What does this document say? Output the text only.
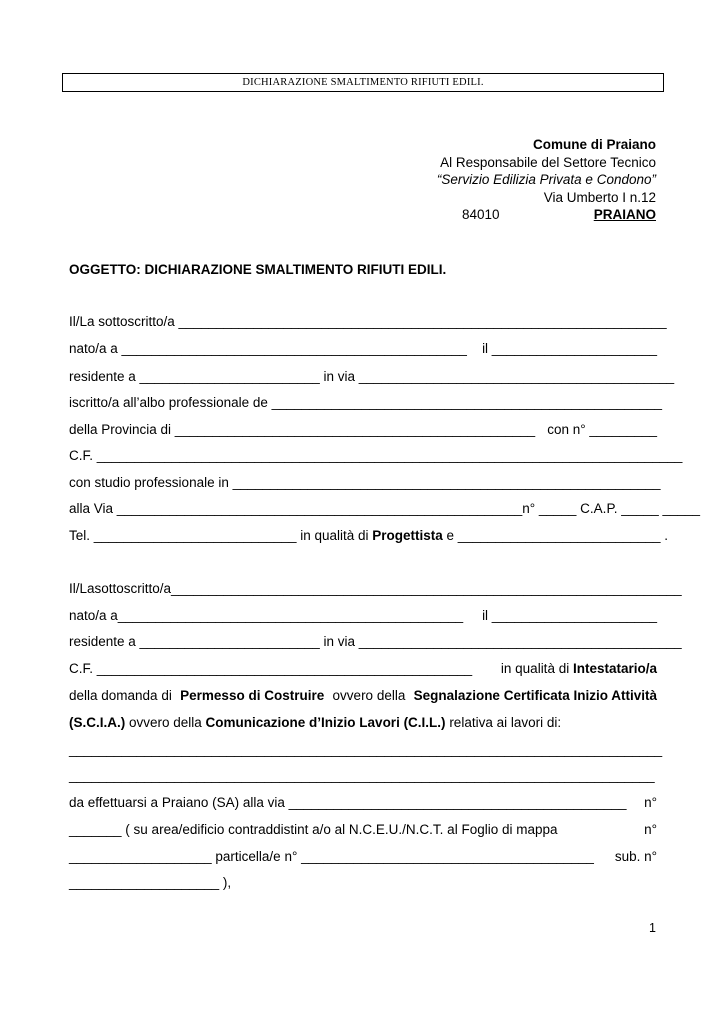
DICHIARAZIONE SMALTIMENTO RIFIUTI EDILI.
Comune di Praiano
Al Responsabile del Settore Tecnico
“Servizio Edilizia Privata e Condono”
Via Umberto I n.12
84010	PRAIANO
OGGETTO: DICHIARAZIONE SMALTIMENTO RIFIUTI EDILI.
Il/La sottoscritto/a _________________________________________________________________
nato/a a ______________________________________________ il ______________________
residente a ________________________ in via __________________________________________
iscritto/a all’albo professionale de ____________________________________________________
della Provincia di ________________________________________________ con n° _________
C.F. ______________________________________________________________________________
con studio professionale in _________________________________________________________
alla Via ______________________________________________________ n° _____ C.A.P. _____ _____
Tel. ___________________________ in qualità di Progettista e ___________________________ .
Il/Lasottoscritto/a____________________________________________________________________
nato/a a______________________________________________ il ______________________
residente a ________________________ in via ___________________________________________
C.F. __________________________________________________ in qualità di Intestatario/a
della domanda di Permesso di Costruire ovvero della Segnalazione Certificata Inizio Attività
(S.C.I.A.) ovvero della Comunicazione d’Inizio Lavori (C.I.L.) relativa ai lavori di:
_______________________________________________________________________________
______________________________________________________________________________
da effettuarsi a Praiano (SA) alla via _____________________________________________ n°
_______ ( su area/edificio contraddistint a/o al N.C.E.U./N.C.T. al Foglio di mappa	n°
___________________ particella/e n° _______________________________________ sub. n°
____________________ ),
1
